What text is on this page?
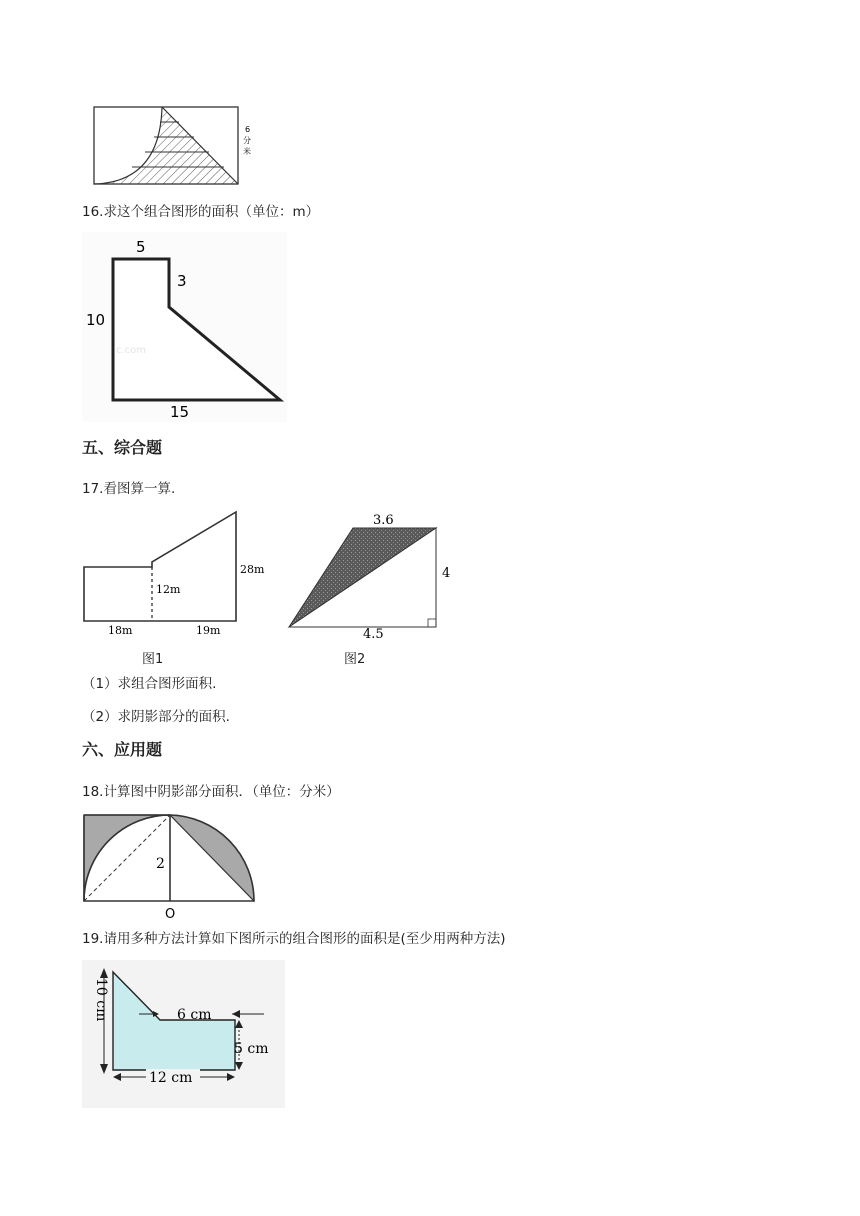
6
分
米
16.求这个组合图形的面积（单位：m）
5
3
10
15
c.com
五、综合题
17.看图算一算.
28m
12m
18m	19m
图1
3.6
4
4.5
图2
（1）求组合图形面积.
（2）求阴影部分的面积.
六、应用题
18.计算图中阴影部分面积．（单位：分米）
2
O
19.请用多种方法计算如下图所示的组合图形的面积是(至少用两种方法)
10 cm	6 cm
5 cm
12 cm
